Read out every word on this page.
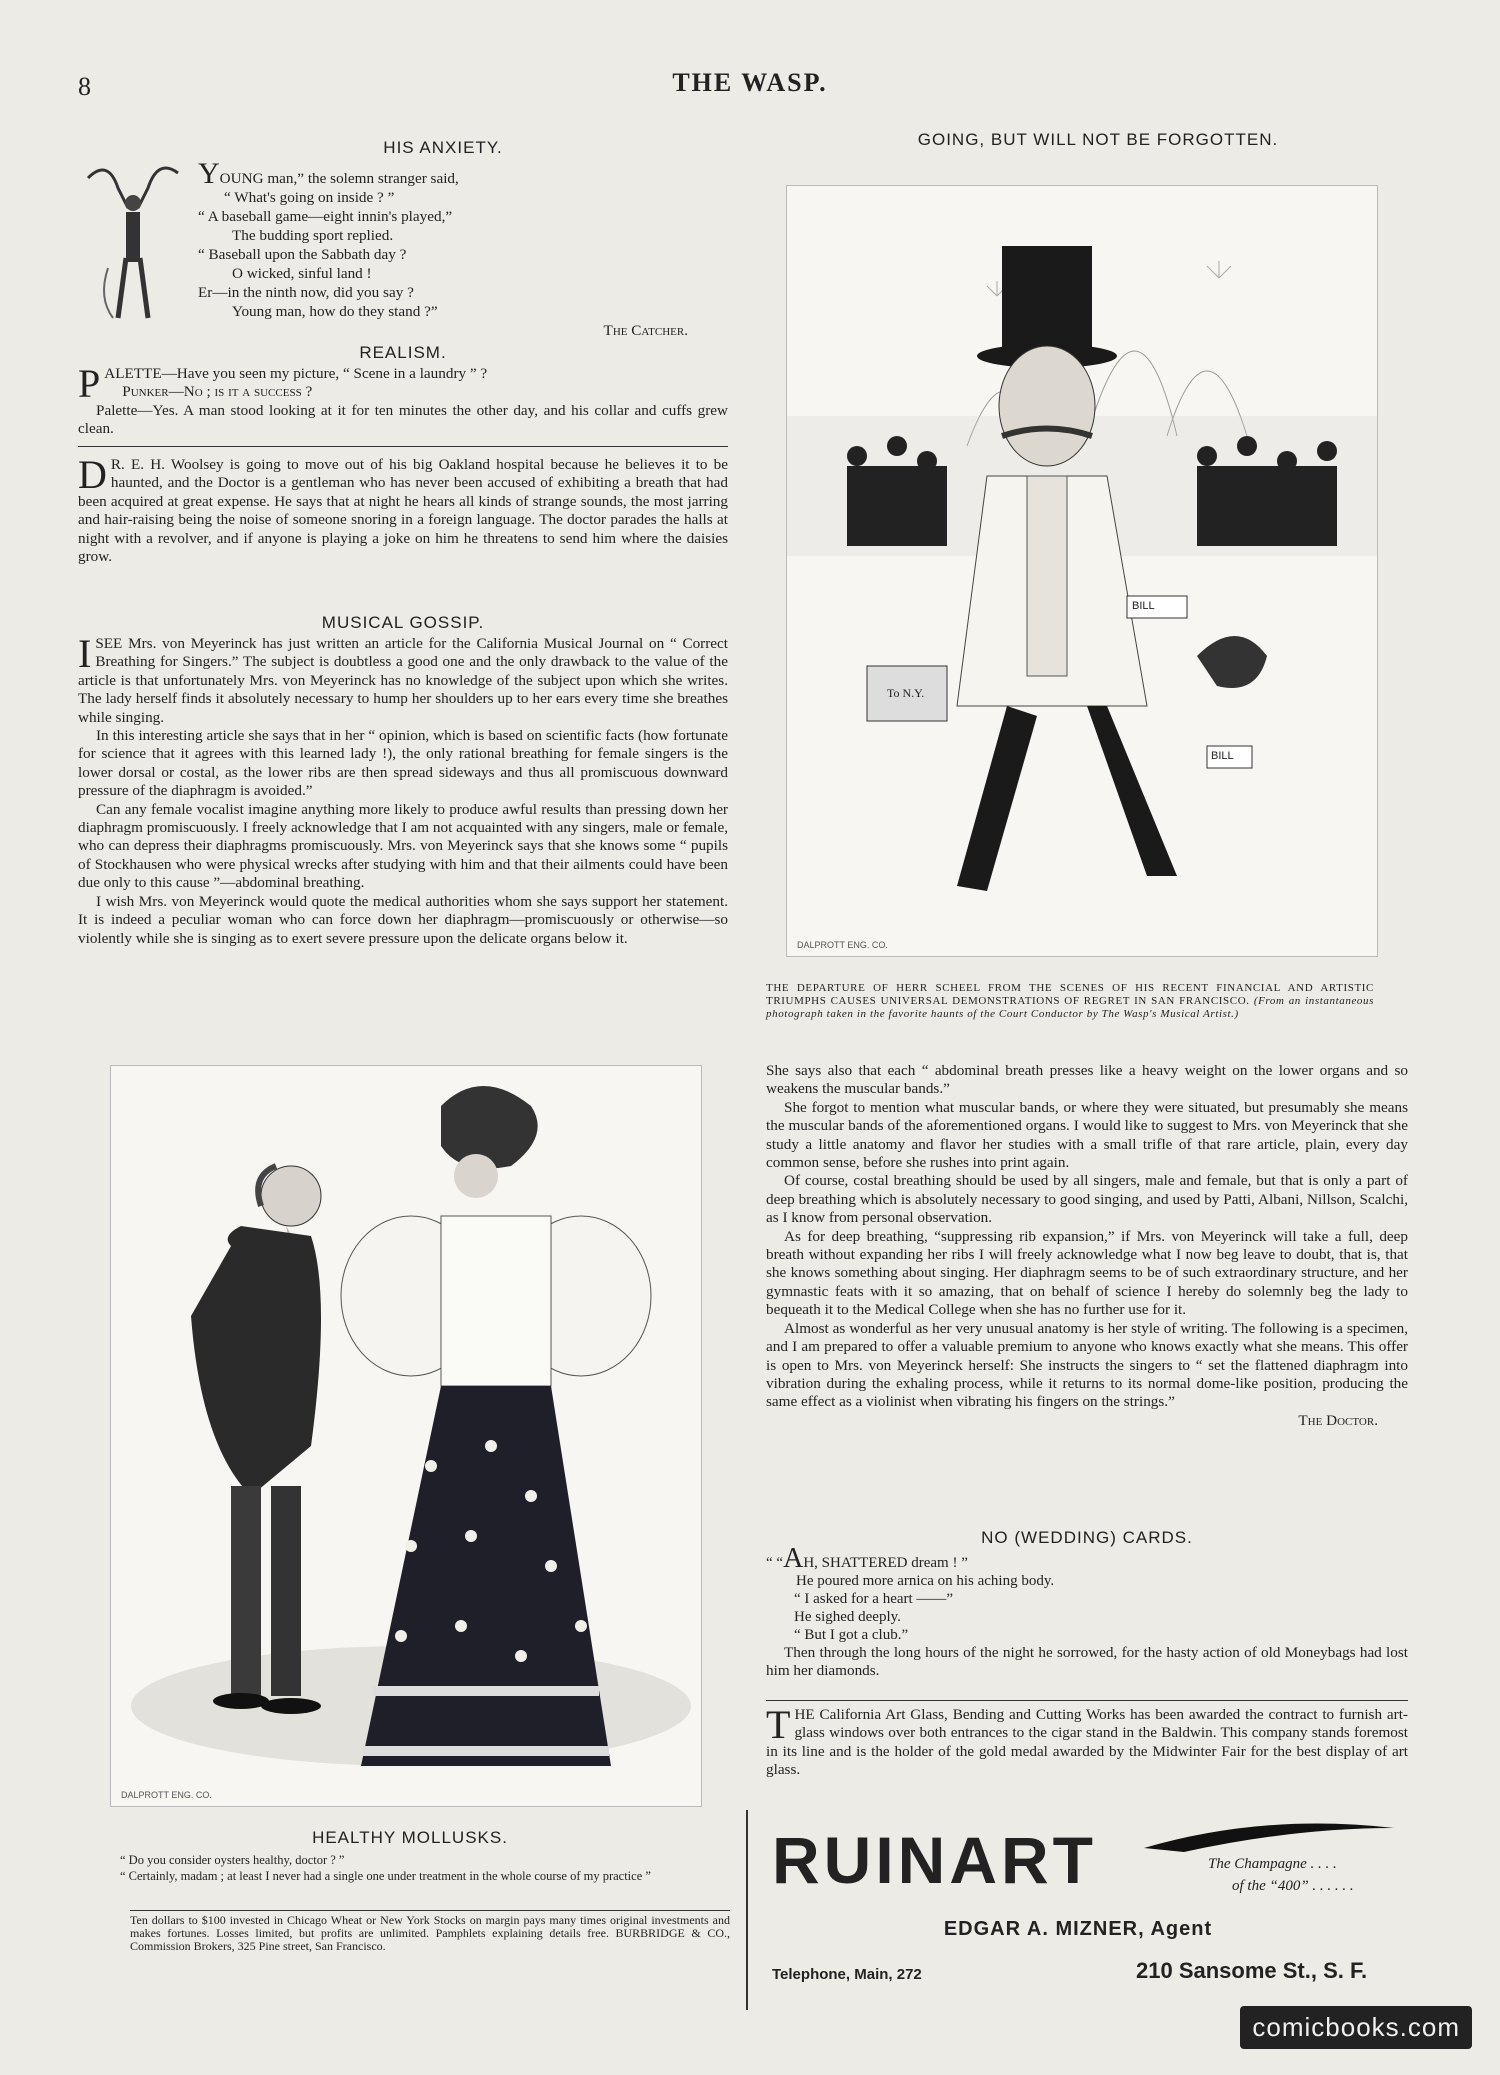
8	THE WASP.
HIS ANXIETY.
YOUNG man,” the solemn stranger said,
“ What's going on inside ? ”
“ A baseball game—eight innin's played,”
The budding sport replied.
“ Baseball upon the Sabbath day ?
O wicked, sinful land !
Er—in the ninth now, did you say ?
Young man, how do they stand ?”
The Catcher.
REALISM.

PALETTE—Have you seen my picture, “ Scene in a laundry ” ?

Punker—No ; is it a success ?

Palette—Yes. A man stood looking at it for ten minutes the other day, and his collar and cuffs grew clean.

D R. E. H. Woolsey is going to move out of his big Oakland hospital because he believes it to be haunted, and the Doctor is a gentleman who has never been accused of exhibiting a breath that had been acquired at great expense. He says that at night he hears all kinds of strange sounds, the most jarring and hair-raising being the noise of someone snoring in a foreign language. The doctor parades the halls at night with a revolver, and if anyone is playing a joke on him he threatens to send him where the daisies grow.

MUSICAL GOSSIP.

ISEE Mrs. von Meyerinck has just written an article for the California Musical Journal on “ Correct Breathing for Singers.” The subject is doubtless a good one and the only drawback to the value of the article is that unfortunately Mrs. von Meyerinck has no knowledge of the subject upon which she writes. The lady herself finds it absolutely necessary to hump her shoulders up to her ears every time she breathes while singing.

In this interesting article she says that in her “ opinion, which is based on scientific facts (how fortunate for science that it agrees with this learned lady !), the only rational breathing for female singers is the lower dorsal or costal, as the lower ribs are then spread sideways and thus all promiscuous downward pressure of the diaphragm is avoided.”

Can any female vocalist imagine anything more likely to produce awful results than pressing down her diaphragm promiscuously. I freely acknowledge that I am not acquainted with any singers, male or female, who can depress their diaphragms promiscuously. Mrs. von Meyerinck says that she knows some “ pupils of Stockhausen who were physical wrecks after studying with him and that their ailments could have been due only to this cause ”—abdominal breathing.

I wish Mrs. von Meyerinck would quote the medical authorities whom she says support her statement. It is indeed a peculiar woman who can force down her diaphragm—promiscuously or otherwise—so violently while she is singing as to exert severe pressure upon the delicate organs below it.

DALPROTT ENG. CO.
HEALTHY MOLLUSKS.
“ Do you consider oysters healthy, doctor ? ”
“ Certainly, madam ; at least I never had a single one under treatment in the whole course of my practice ”
Ten dollars to $100 invested in Chicago Wheat or New York Stocks on margin pays many times original investments and makes fortunes. Losses limited, but profits are unlimited. Pamphlets explaining details free. BURBRIDGE & CO., Commission Brokers, 325 Pine street, San Francisco.
GOING, BUT WILL NOT BE FORGOTTEN.
To N.Y.
BILL
BILL
DALPROTT ENG. CO.
THE DEPARTURE OF HERR SCHEEL FROM THE SCENES OF HIS RECENT FINANCIAL AND ARTISTIC TRIUMPHS CAUSES UNIVERSAL DEMONSTRATIONS OF REGRET IN SAN FRANCISCO. (From an instantaneous photograph taken in the favorite haunts of the Court Conductor by The Wasp's Musical Artist.)

She says also that each “ abdominal breath presses like a heavy weight on the lower organs and so weakens the muscular bands.”

She forgot to mention what muscular bands, or where they were situated, but presumably she means the muscular bands of the aforementioned organs. I would like to suggest to Mrs. von Meyerinck that she study a little anatomy and flavor her studies with a small trifle of that rare article, plain, every day common sense, before she rushes into print again.

Of course, costal breathing should be used by all singers, male and female, but that is only a part of deep breathing which is absolutely necessary to good singing, and used by Patti, Albani, Nillson, Scalchi, as I know from personal observation.

As for deep breathing, “suppressing rib expansion,” if Mrs. von Meyerinck will take a full, deep breath without expanding her ribs I will freely acknowledge what I now beg leave to doubt, that is, that she knows something about singing. Her diaphragm seems to be of such extraordinary structure, and her gymnastic feats with it so amazing, that on behalf of science I hereby do solemnly beg the lady to bequeath it to the Medical College when she has no further use for it.

Almost as wonderful as her very unusual anatomy is her style of writing. The following is a specimen, and I am prepared to offer a valuable premium to anyone who knows exactly what she means. This offer is open to Mrs. von Meyerinck herself: She instructs the singers to “ set the flattened diaphragm into vibration during the exhaling process, while it returns to its normal dome-like position, producing the same effect as a violinist when vibrating his fingers on the strings.”

The Doctor.
NO (WEDDING) CARDS.
“ “AH, SHATTERED dream ! ”
He poured more arnica on his aching body.
“ I asked for a heart ——”
He sighed deeply.
“ But I got a club.”

Then through the long hours of the night he sorrowed, for the hasty action of old Moneybags had lost him her diamonds.

THE California Art Glass, Bending and Cutting Works has been awarded the contract to furnish art-glass windows over both entrances to the cigar stand in the Baldwin. This company stands foremost in its line and is the holder of the gold medal awarded by the Midwinter Fair for the best display of art glass.

RUINART	The Champagne . . . .
of the “400” . . . . . .
EDGAR A. MIZNER, Agent
Telephone, Main, 272	210 Sansome St., S. F.
comicbooks.com
